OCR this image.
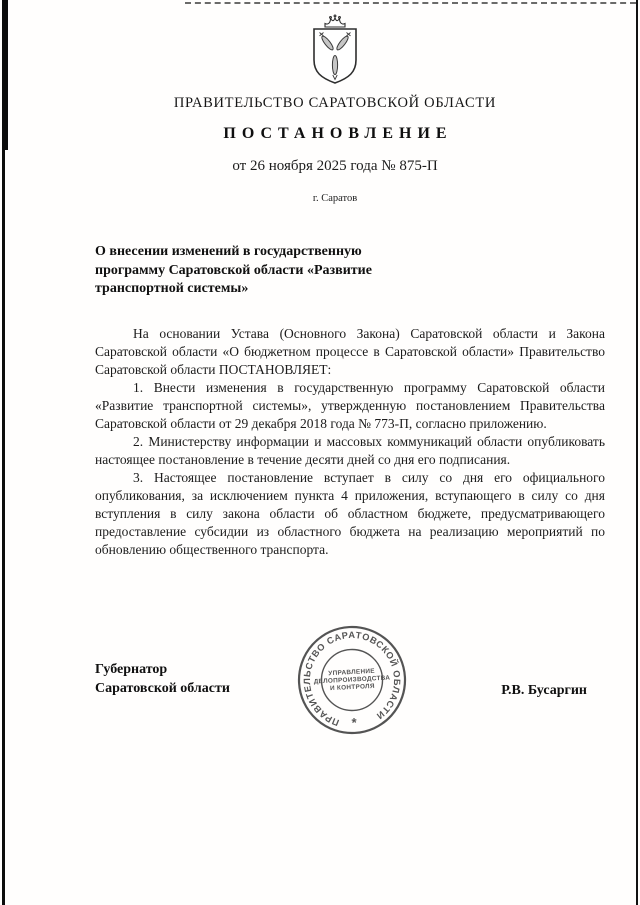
ПРАВИТЕЛЬСТВО САРАТОВСКОЙ ОБЛАСТИ
ПОСТАНОВЛЕНИЕ
от 26 ноября 2025 года № 875-П
г. Саратов
О внесении изменений в государственную программу Саратовской области «Развитие транспортной системы»

На основании Устава (Основного Закона) Саратовской области и Закона Саратовской области «О бюджетном процессе в Саратовской области» Правительство Саратовской области ПОСТАНОВЛЯЕТ:

1. Внести изменения в государственную программу Саратовской области «Развитие транспортной системы», утвержденную постановлением Правительства Саратовской области от 29 декабря 2018 года № 773-П, согласно приложению.

2. Министерству информации и массовых коммуникаций области опубликовать настоящее постановление в течение десяти дней со дня его подписания.

3. Настоящее постановление вступает в силу со дня его официального опубликования, за исключением пункта 4 приложения, вступающего в силу со дня вступления в силу закона области об областном бюджете, предусматривающего предоставление субсидии из областного бюджета на реализацию мероприятий по обновлению общественного транспорта.

Губернатор
Саратовской области	Р.В. Бусаргин
ПРАВИТЕЛЬСТВО САРАТОВСКОЙ ОБЛАСТИ
УПРАВЛЕНИЕ
ДЕЛОПРОИЗВОДСТВА
И КОНТРОЛЯ
*
